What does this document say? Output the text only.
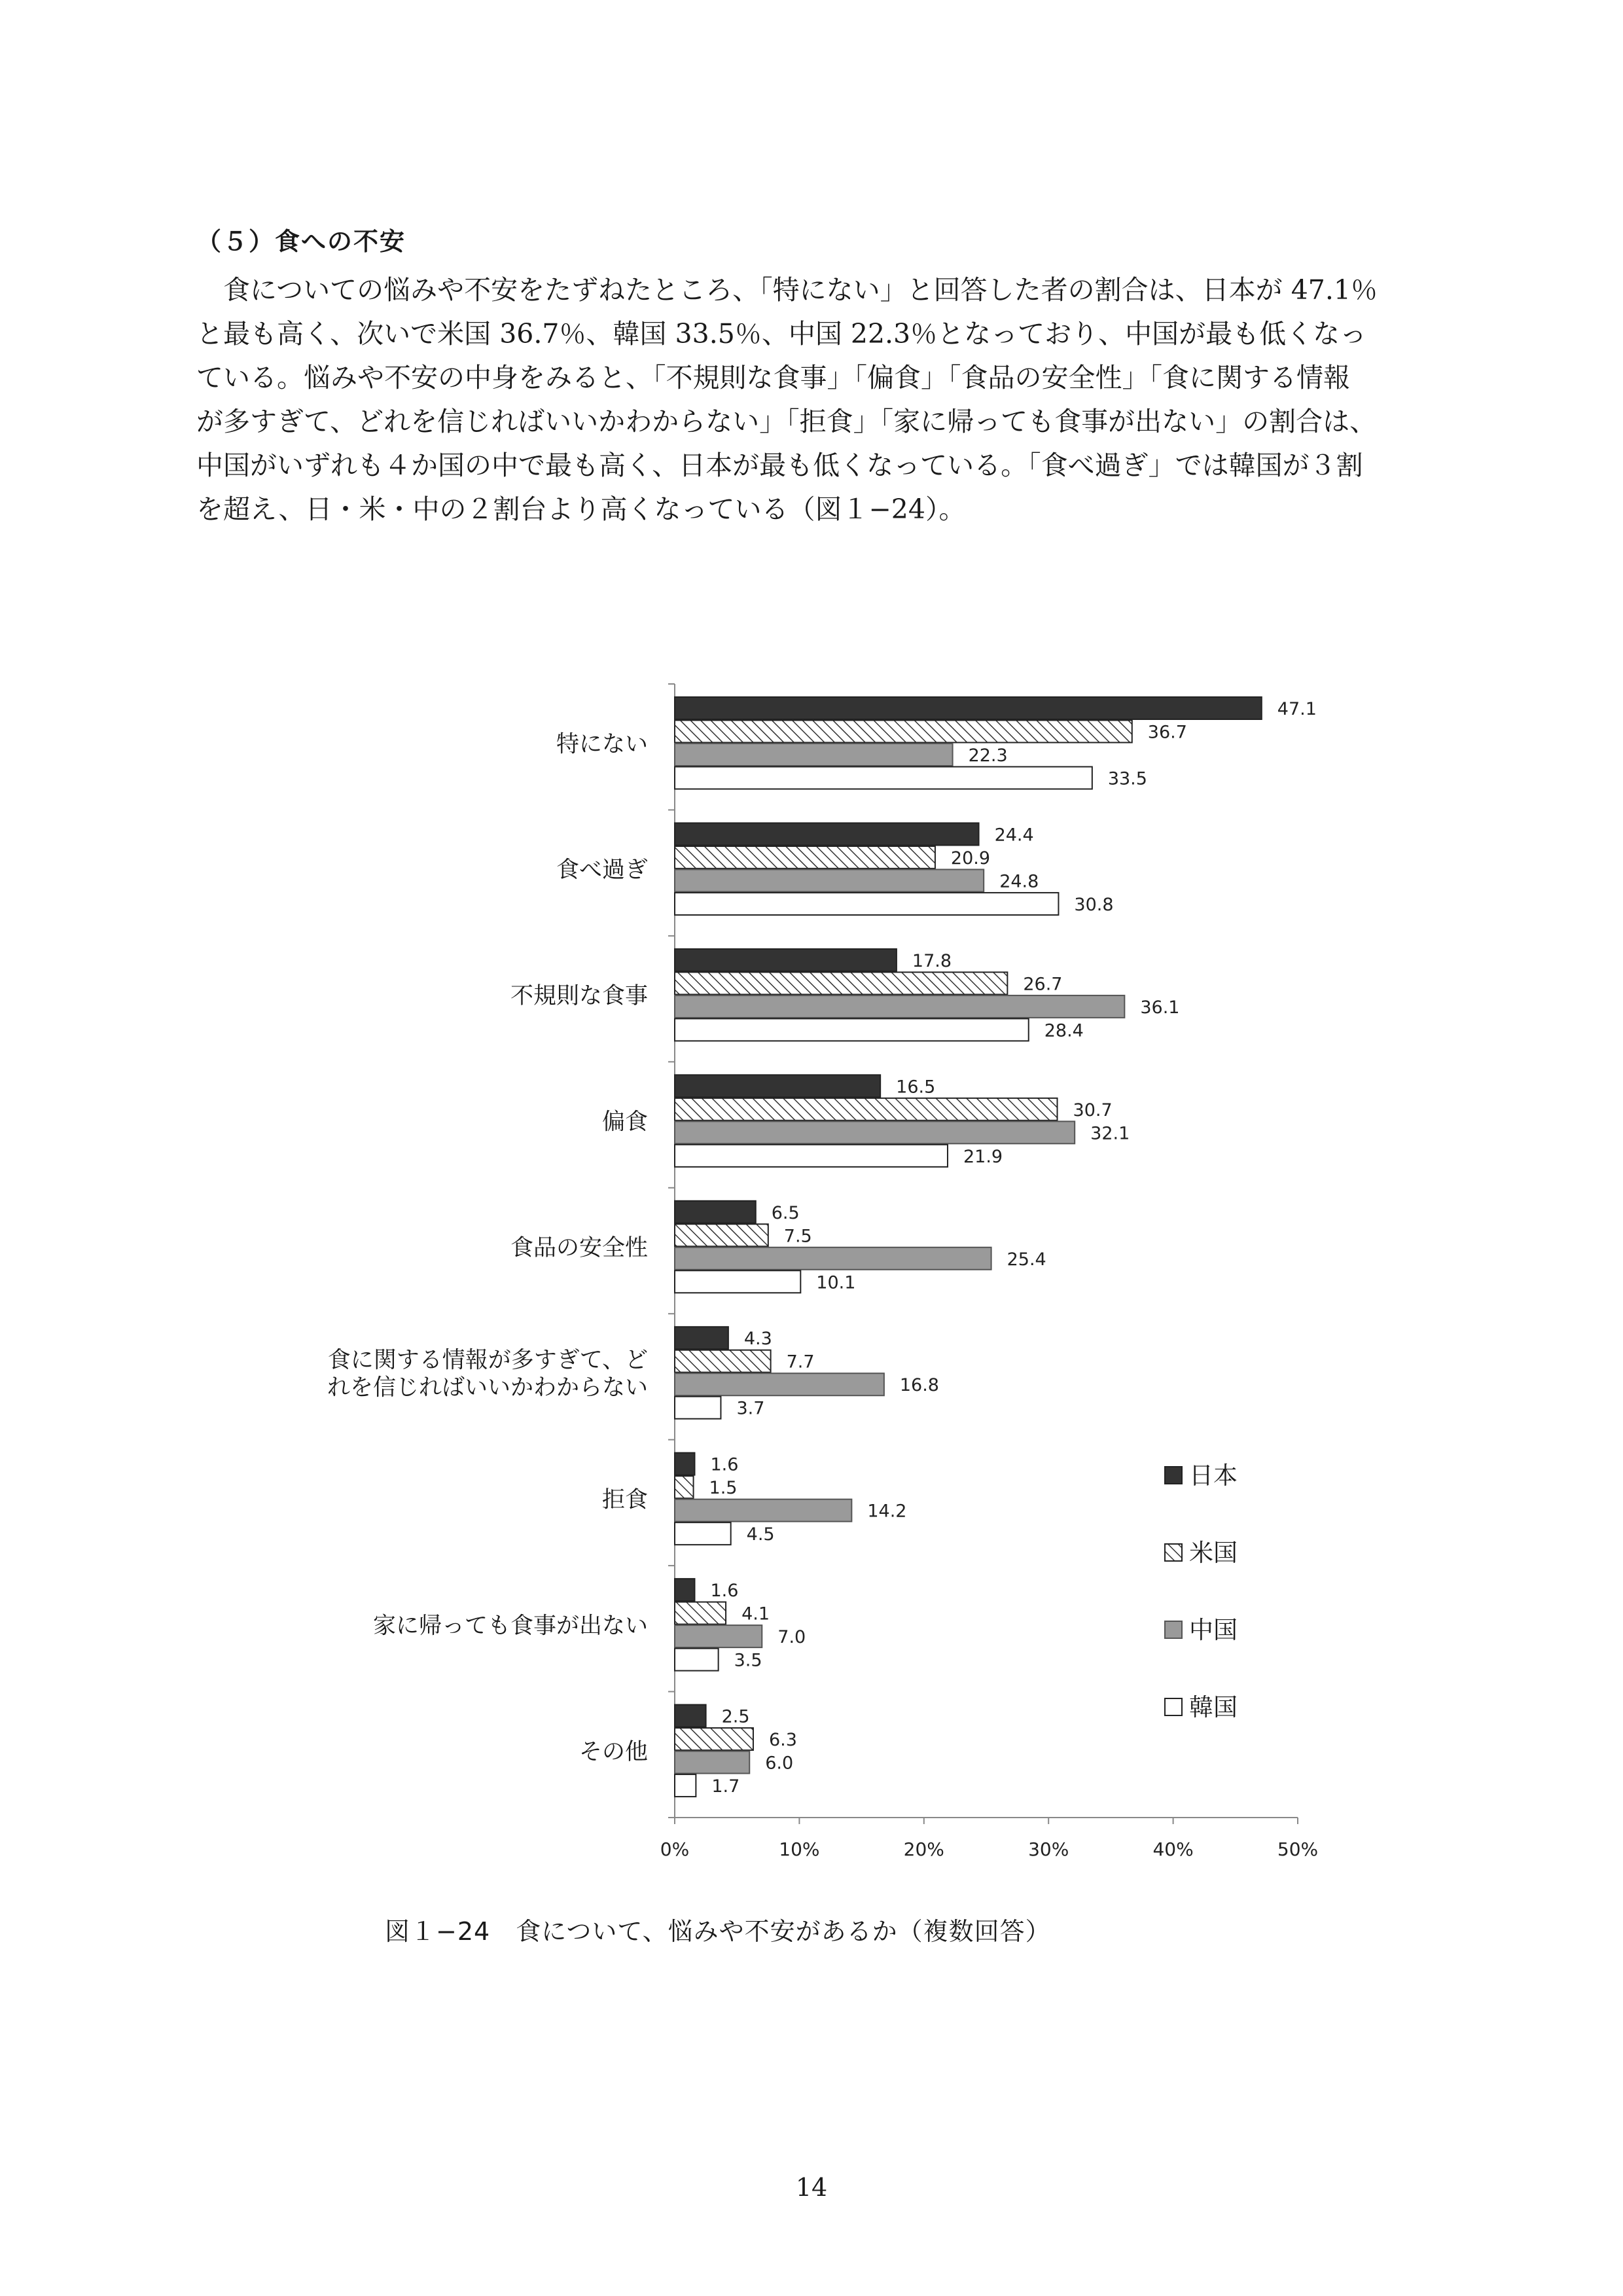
（５）食への不安

　食についての悩みや不安をたずねたところ、「特にない」と回答した者の割合は、日本が 47.1％

と最も高く、次いで米国 36.7％、韓国 33.5％、中国 22.3％となっており、中国が最も低くなっ

ている。悩みや不安の中身をみると、「不規則な食事」「偏食」「食品の安全性」「食に関する情報

が多すぎて、どれを信じればいいかわからない」「拒食」「家に帰っても食事が出ない」の割合は、

中国がいずれも４か国の中で最も高く、日本が最も低くなっている。「食べ過ぎ」では韓国が３割

を超え、日・米・中の２割台より高くなっている（図１−24）。

特にない
47.1
36.7
22.3
33.5
食べ過ぎ
24.4
20.9
24.8
30.8
不規則な食事
17.8
26.7
36.1
28.4
偏食
16.5
30.7
32.1
21.9
食品の安全性
6.5
7.5
25.4
10.1
食に関する情報が多すぎて、ど
れを信じればいいかわからない
4.3
7.7
16.8
3.7
拒食
1.6
1.5
14.2
4.5
家に帰っても食事が出ない
1.6
4.1
7.0
3.5
その他
2.5
6.3
6.0
1.7
0%	10%	20%	30%	40%	50%
日本
米国
中国
韓国
図１−24　食について、悩みや不安があるか（複数回答）
14
